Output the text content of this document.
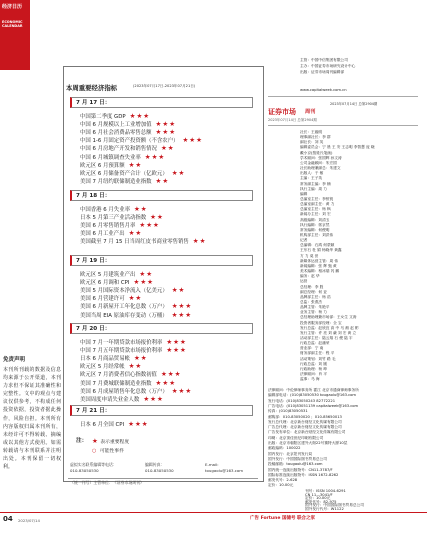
经济日历
ECONOMIC CALENDAR
免责声明
本刊所刊载的数据及信息均来源于公开渠道，本刊力求但不保证其准确性和完整性。文中的观点与建议仅供参考，不构成任何投资依据，投资者据此操作，风险自担。本刊所有内容版权归属本刊所有，未经许可不得转载、摘编或以其他方式使用。如需转载请与本刊联系并注明出处。本刊保留一切权利。
本周重要经济指标	(2023年07月17日-2023年07月21日)
7 月 17 日：
中国第二季度 GDP ★★★
中国 6 月规模以上工业增加值 ★★★
中国 6 月社会消费品零售总额 ★★★
中国 1-6 月固定资产投资额（不含农户） ★★★
中国 6 月房地产开发和销售情况 ★★
中国 6 月城镇调查失业率 ★★★
欧元区 6 月预算额 ★★
欧元区 6 月储备资产合计（亿欧元） ★★
美国 7 月纽约联储制造业指数 ★★
7 月 18 日：
中国香港 6 月失业率 ★★
日本 5 月第三产业活动指数 ★★
美国 6 月零售销售月率 ★★★
美国 6 月工业产出 ★★
美国截至 7 月 15 日当周红皮书商业零售销售 ★★
7 月 19 日：
欧元区 5 月建筑业产出 ★★
欧元区 6 月调和 CPI ★★★
美国 5 月国际资本净流入（亿美元） ★★
美国 6 月营建许可 ★★
美国 6 月新屋开工年化总数（万户） ★★★
美国当周 EIA 原油库存变动（万桶） ★★★
7 月 20 日：
中国 7 月一年期贷款市场报价利率 ★★★
中国 7 月五年期贷款市场报价利率 ★★★
日本 6 月商品贸易帐 ★★
欧元区 5 月经常帐 ★★
欧元区 7 月消费者信心指数初值 ★★★
美国 7 月费城联储制造业指数 ★★★
美国 6 月成屋销售年化总数（万户） ★★★
美国周度申请失业金人数 ★★★
7 月 21 日：
日本 6 月全国 CPI ★★★
注： ★ 表示重要程度
○ 可能性事件
虚拟实名联系编辑等电话：
010-83050530
编辑传真：
010-83050530
E-mail:
tougaolu@163.com
（统一刊号）主管单位：《证券市场周刊》
主管：中国中信集团有限公司
主办：中国证券市场研究设计中心
出版：证券市场周刊编辑部
2023年07月14日 总第2904期
证券市场 周刊
2023年07月14日 总第2904期
www.capitalweek.com.cn
社长：王毅明
理事副社长：李 群
副社长：刘 英
编辑委员会：宁 晨 王 安 王志明 李智慧 庞 晓
戴小京(按姓氏笔画)
学术顾问：张国辉 孙文涛
公司金融顾问：朱宏国
社长助理兼副总：朱建文
出版人：于 敏
主编：王子英
常务副主编：李 楠
执行主编：周 力
编辑
总编室主任：李恒锐
总编室副主任：黄 力
总编室主任：杨 枫
新闻办主任：刘 宏
高级编辑：刘清玉
执行编辑：郭京然
常务编辑：何俊明
机构部主任：刘洪伟
记者
总编辑：石鸿 何蒙颖
王东石 杜 娟 杨晓华 黄鑫
方 力 莫 世
新媒体运营主管：周 伟
新闻编辑：张 辉 甄 黄
美术编辑：相冰瑞 芮 鹏
编务：赵 华
运营
总经理：李 胜
副总经理：何 亚
品牌部主任：杨 浩
总监：张燕杰
品牌主管：朱艳平
业务主管：杨 力
总经理助理兼市场部：王女生 文涛
投资者服务部经理：全 宝
发行总监：赵欣宜 高 中 马 湘 赵 彬
发行主管：许 亮 刘 谦 刘 宏 黄 立
活动部主任：陆云翔 石 俊 陆 宇
行政总监：赵潘荣
营业部：宁 南
财务部副主任：程 平
活动策划：刘竹 路 毛
行政总监：刘 刚
行政助理：杨 坤
法律顾问：肖 平
监事：马 海
法律顾问：中伦律师事务所 霍江 北京市通商律师事务所
编辑部电话：(010)83050530 tougaolu@163.com
发行电话：(010)83050243 82772221
广告电话：(010)83051139 capitalweek@163.com
传真：(010)83050531
邮购部：010-83050020 ；010-85650013
发行总代理：北京新台财经文化传媒有限公司
广告总代理：北京新台财经文化传媒有限公司
广告发布单位：北京新台财经文化传媒有限公司
印刷：北京顶佳世纪印刷有限公司
出版：北京市朝阳区建外大街22号赛特大厦10层
邮政编码：100022
国内发行：北京报刊发行局
国外发行：中国国际图书贸易总公司
投稿邮箱：tougaolu@163.com
国内统一连续出版物号：CN11-3787/F
国际标准连续出版物号：ISSN 1672-8262
邮发代号：2-628
定价：10.00元
刊号：ISSN 1004-6291
CN 11—3041/F
定价：10.00元
邮发代号：82-975
国外发行：中国国际图书贸易总公司
国外发行代号：W1122
04 2023/07/14	广告 Fortune 国储号 联合之家
